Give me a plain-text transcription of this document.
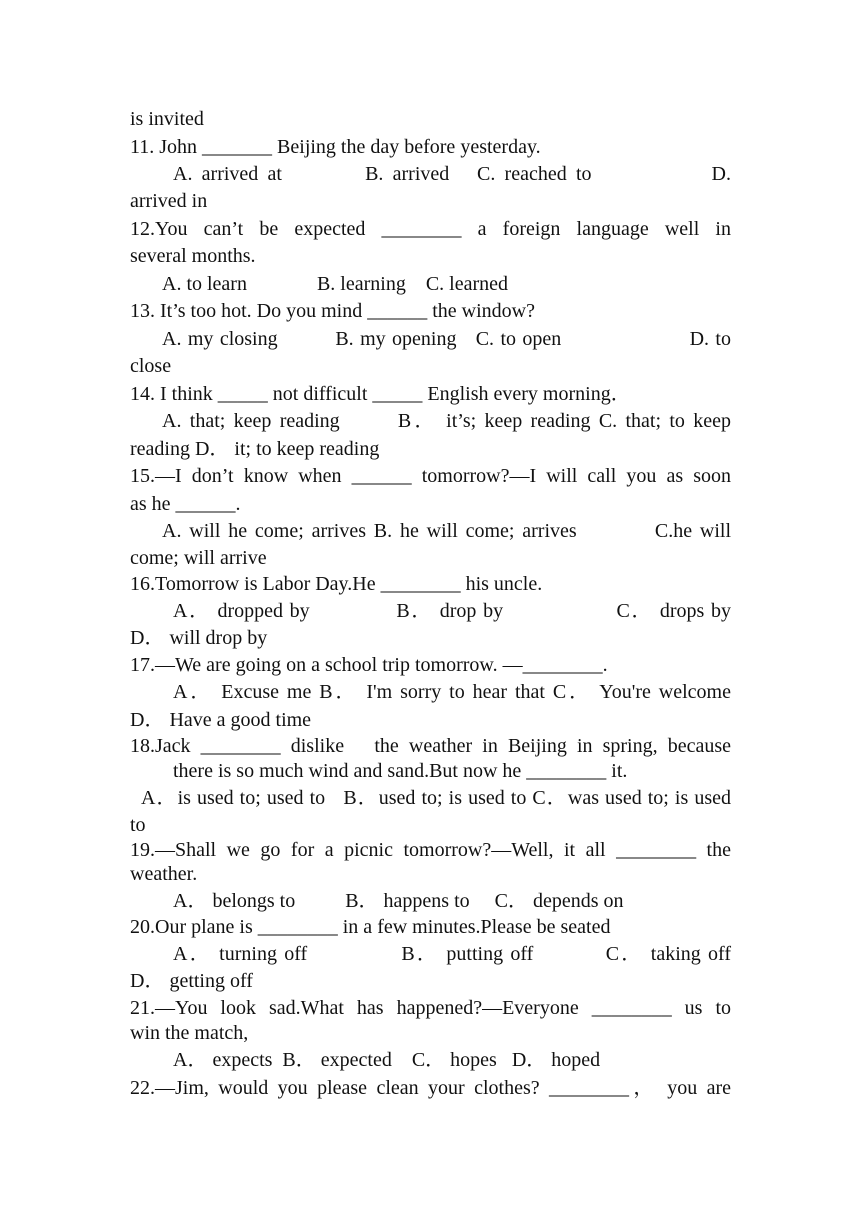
is invited
11. John _______ Beijing the day before yesterday.
A. arrived at         B. arrived   C. reached to             D.
arrived in
12.You can’t be expected ________ a foreign language well in
several months.
A. to learn              B. learning    C. learned
13. It’s too hot. Do you mind ______ the window?
A. my closing         B. my opening   C. to open                    D. to
close
14. I think _____ not difficult _____ English every morning．
A. that; keep reading       B． it’s; keep reading C. that; to keep
reading D． it; to keep reading
15.—I don’t know when ______ tomorrow?—I will call you as soon
as he ______.
A. will he come; arrives B. he will come; arrives          C.he will
come; will arrive
16.Tomorrow is Labor Day.He ________ his uncle.
A． dropped by             B． drop by                 C． drops by
D． will drop by
17.—We are going on a school trip tomorrow. —________.
A． Excuse me B． I'm sorry to hear that C． You're welcome
D． Have a good time
18.Jack ________ dislike   the weather in Beijing in spring, because
there is so much wind and sand.But now he ________ it.
A．is used to; used to   B．used to; is used to C．was used to; is used
to
19.—Shall we go for a picnic tomorrow?—Well, it all ________ the
weather.
A． belongs to          B． happens to     C． depends on
20.Our plane is ________ in a few minutes.Please be seated
A． turning off             B． putting off          C． taking off
D． getting off
21.—You look sad.What has happened?—Everyone ________ us to
win the match,
A． expects  B． expected    C． hopes   D． hoped
22.—Jim, would you please clean your clothes? ________， you are
